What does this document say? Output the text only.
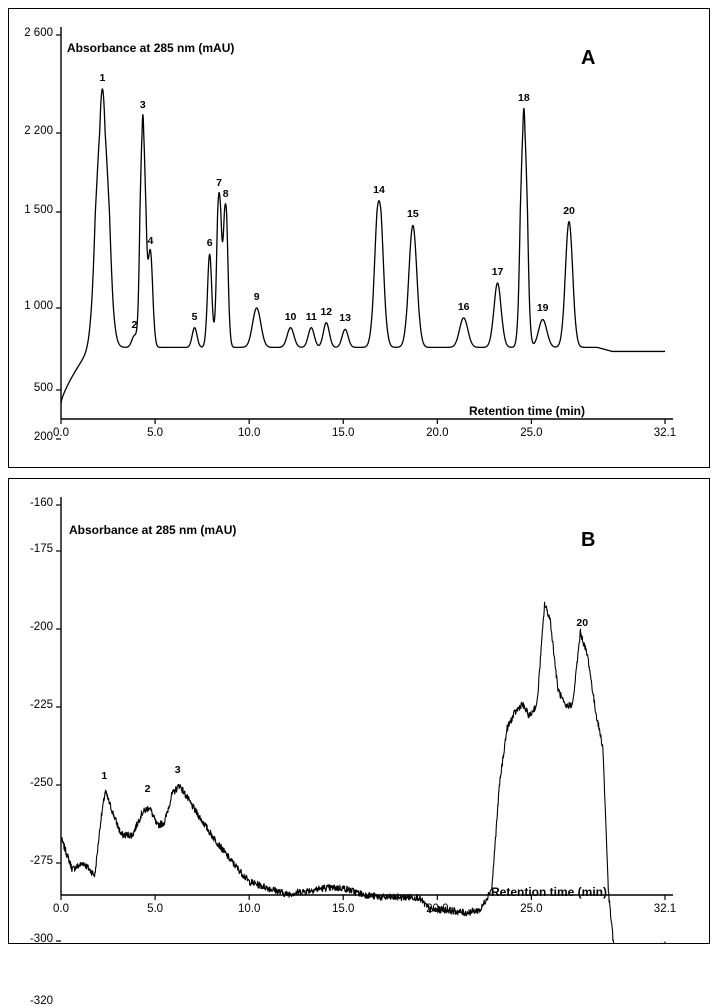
Absorbance at 285 nm (mAU)
Retention time (min)
A
2 600
2 200
1 500
1 000
500
200 0.0	5.0	10.0	15.0	20.0	25.0	32.1
1
2
3
4
5
6
7
8
9
10 11 12
13
14
15
16
17
18
19
20
Absorbance at 285 nm (mAU)
Retention time (min)
B
-160
-175
-200
-225
-250
-275
-300
-320
0.0	5.0	10.0	15.0	20.0	25.0	32.1
1
2
3
20
